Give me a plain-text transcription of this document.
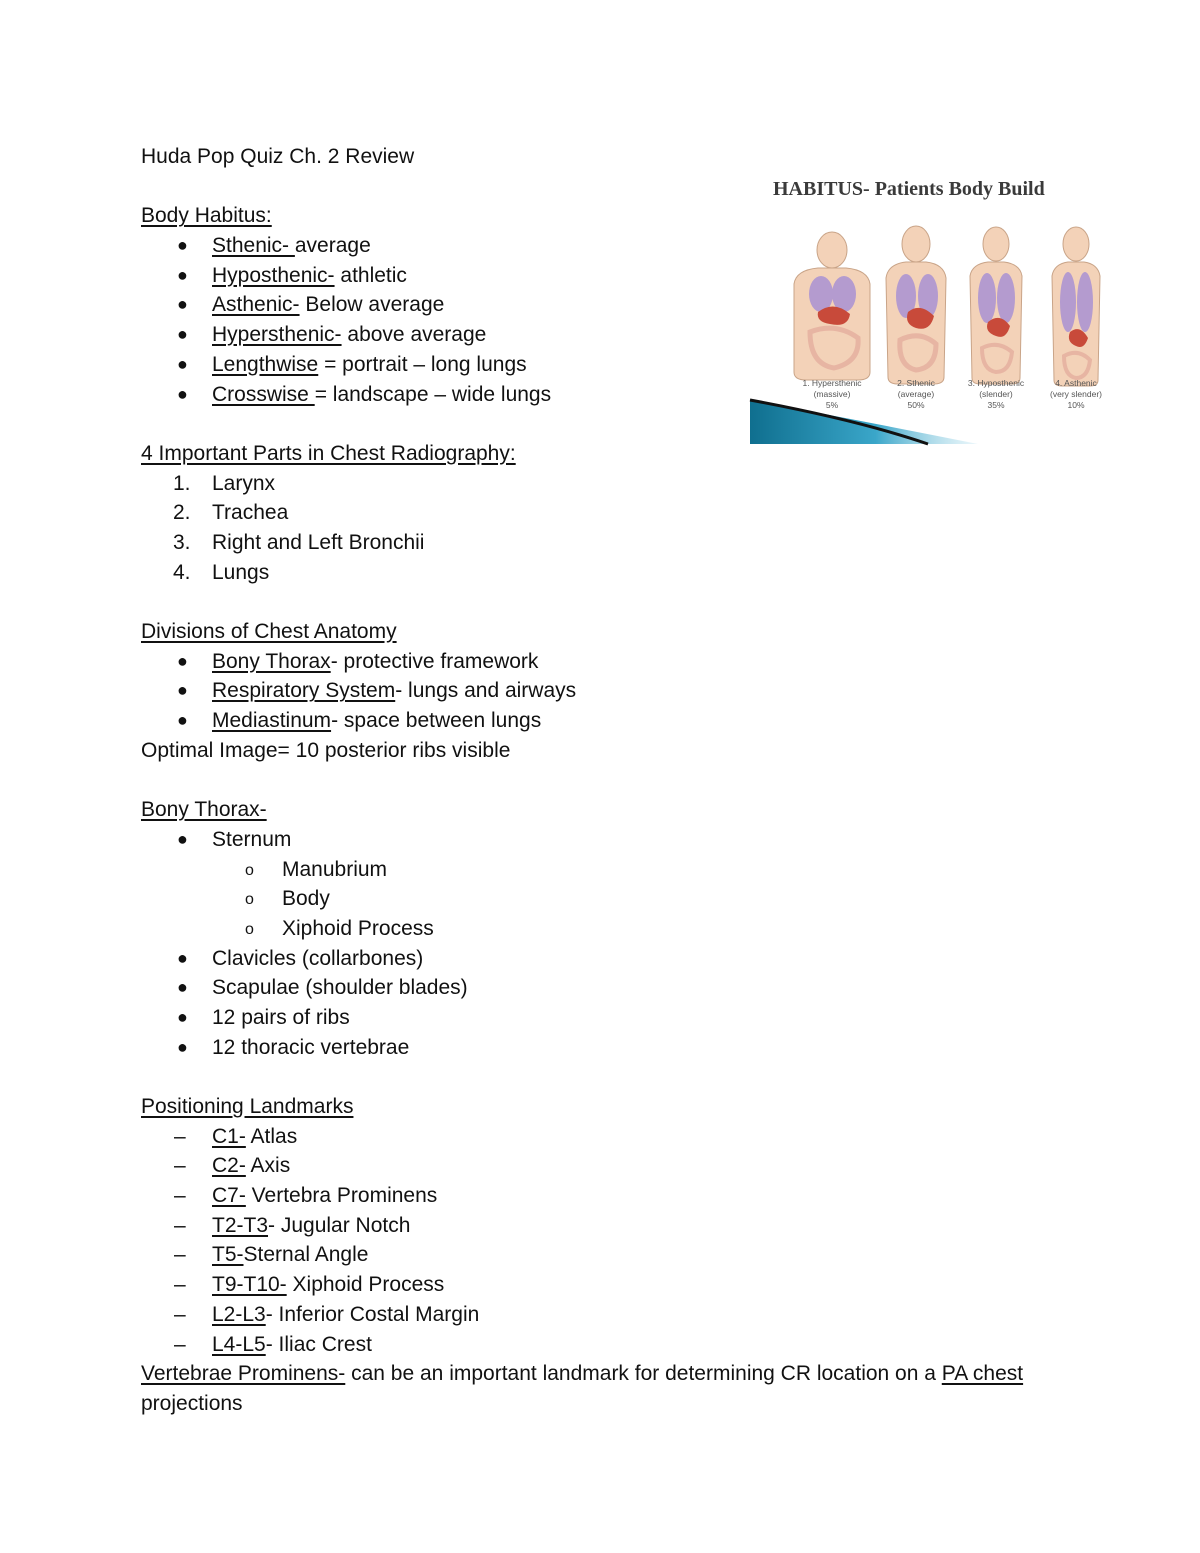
Huda Pop Quiz Ch. 2 Review
Body Habitus:
● Sthenic- average
● Hyposthenic- athletic
● Asthenic- Below average
● Hypersthenic- above average
● Lengthwise = portrait – long lungs
● Crosswise = landscape – wide lungs
4 Important Parts in Chest Radiography:
1. Larynx
2. Trachea
3. Right and Left Bronchii
4. Lungs
Divisions of Chest Anatomy
● Bony Thorax- protective framework
● Respiratory System- lungs and airways
● Mediastinum- space between lungs
Optimal Image= 10 posterior ribs visible
Bony Thorax-
● Sternum
o Manubrium
o Body
o Xiphoid Process
● Clavicles (collarbones)
● Scapulae (shoulder blades)
● 12 pairs of ribs
● 12 thoracic vertebrae
Positioning Landmarks
– C1- Atlas
– C2- Axis
– C7- Vertebra Prominens
– T2-T3- Jugular Notch
– T5-Sternal Angle
– T9-T10- Xiphoid Process
– L2-L3- Inferior Costal Margin
– L4-L5- Iliac Crest
Vertebrae Prominens- can be an important landmark for determining CR location on a PA chest projections
1. Hypersthenic
(massive)
5%
2. Sthenic
(average)
50%
3. Hyposthenic
(slender)
35%
4. Asthenic
(very slender)
10%
HABITUS- Patients Body Build
